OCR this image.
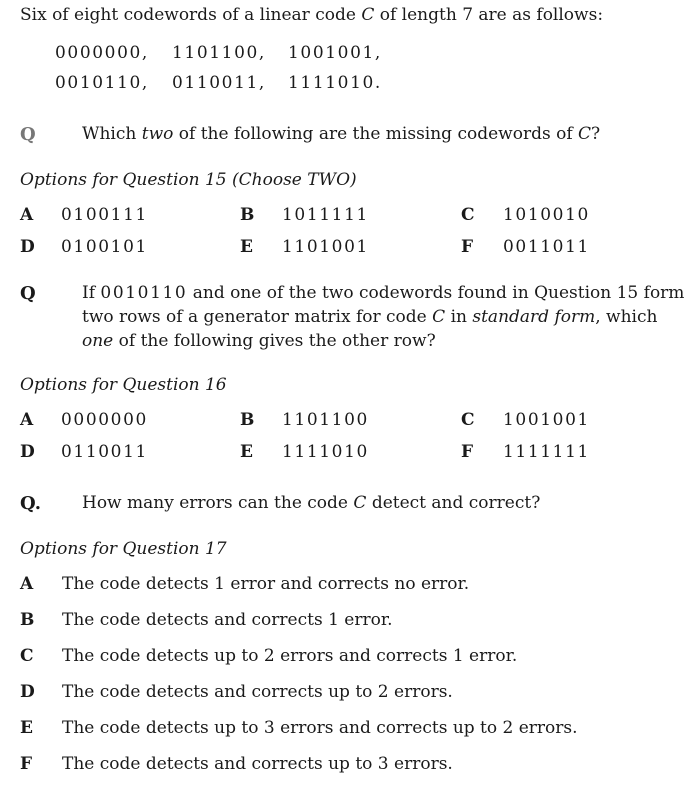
Six of eight codewords of a linear code C of length 7 are as follows:
0000000, 1101100, 1001001,
0010110, 0110011, 1111010.
Q	Which two of the following are the missing codewords of C?
Options for Question 15 (Choose TWO)
A 0100111	B 1011111	C 1010010
D 0100101	E 1101001	F 0011011
Q	If 0010110 and one of the two codewords found in Question 15 form
two rows of a generator matrix for code C in standard form, which
one of the following gives the other row?
Options for Question 16
A 0000000	B 1101100	C 1001001
D 0110011	E 1111010	F 1111111
Q. How many errors can the code C detect and correct?
Options for Question 17
A The code detects 1 error and corrects no error.
B The code detects and corrects 1 error.
C The code detects up to 2 errors and corrects 1 error.
D The code detects and corrects up to 2 errors.
E The code detects up to 3 errors and corrects up to 2 errors.
F The code detects and corrects up to 3 errors.
